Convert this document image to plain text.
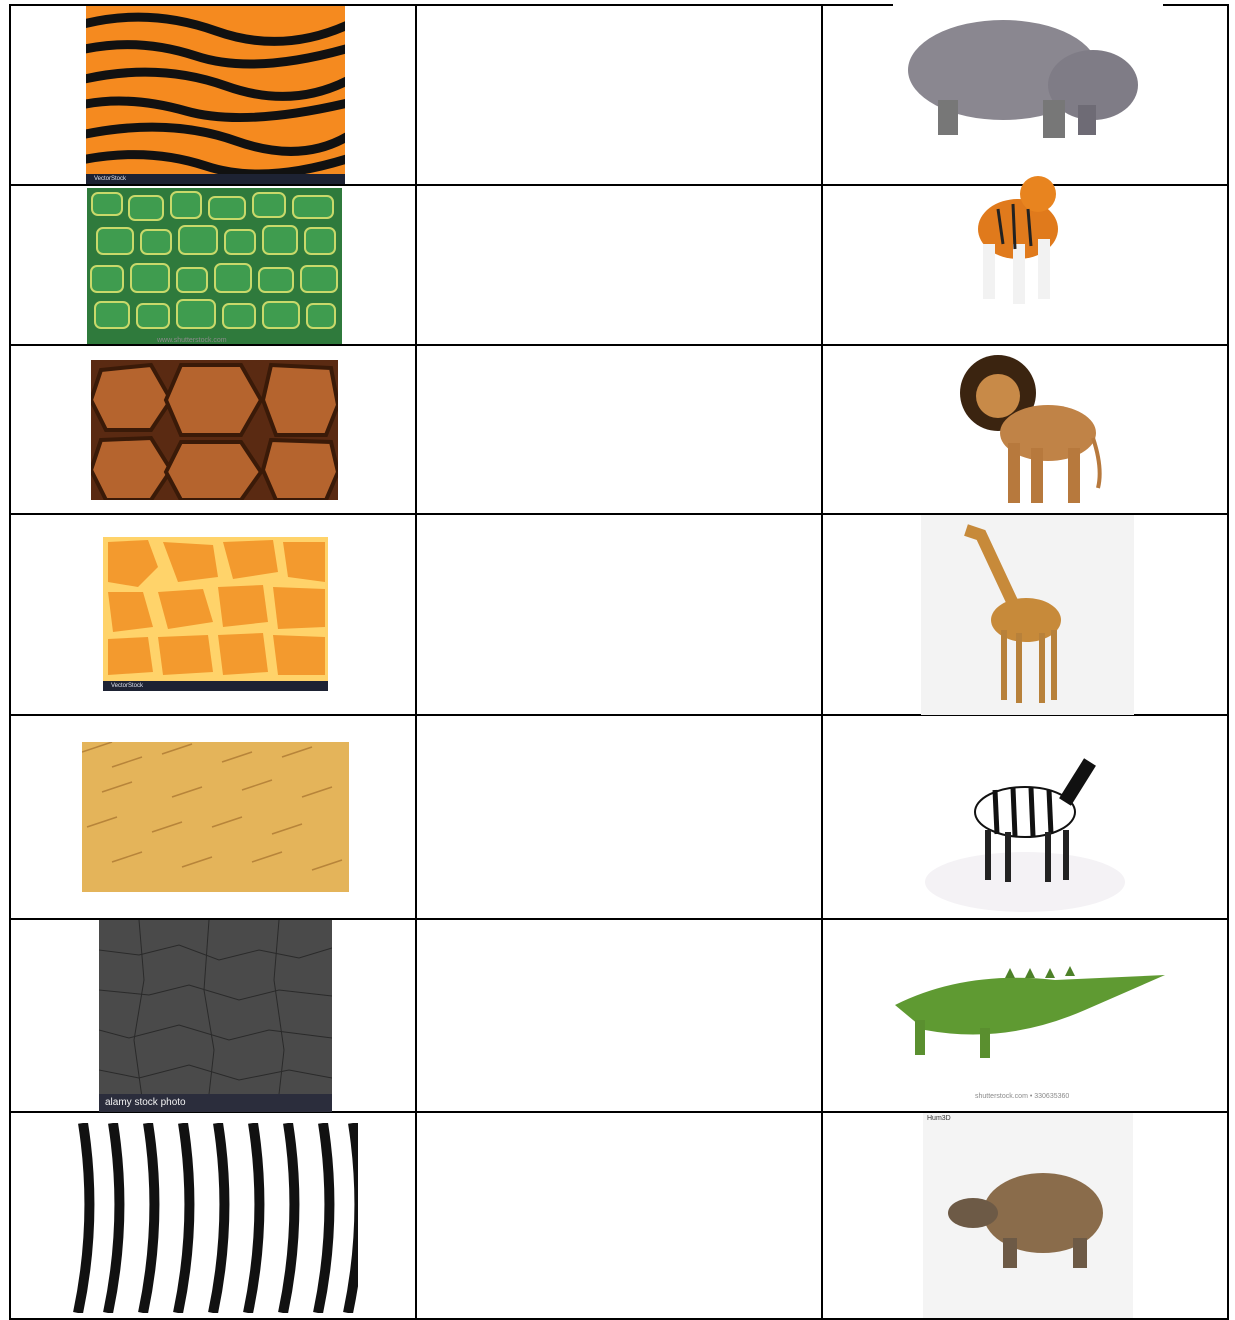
VectorStock

www.shutterstock.com

VectorStock

alamy stock photo		shutterstock.com • 330635360

Hum3D
